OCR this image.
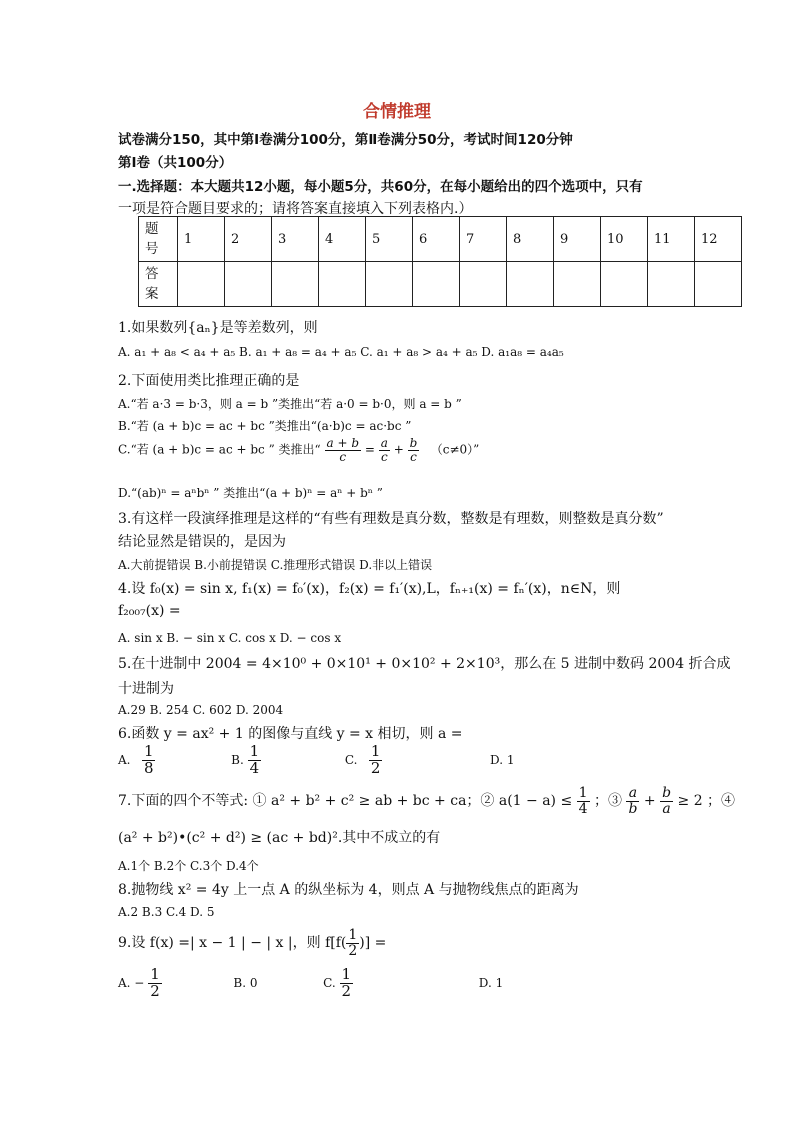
合情推理
试卷满分150，其中第Ⅰ卷满分100分，第Ⅱ卷满分50分，考试时间120分钟
第Ⅰ卷（共100分）
一.选择题：本大题共12小题，每小题5分，共60分，在每小题给出的四个选项中，只有
一项是符合题目要求的；请将答案直接填入下列表格内.）
题
号	1	2	3	4	5	6	7	8	9	10	11	12
答
案												
1.如果数列{aₙ}是等差数列，则
A. a₁ + a₈ < a₄ + a₅ B. a₁ + a₈ = a₄ + a₅ C. a₁ + a₈ > a₄ + a₅ D. a₁a₈ = a₄a₅
2.下面使用类比推理正确的是
A.“若 a·3 = b·3，则 a = b ”类推出“若 a·0 = b·0，则 a = b ”
B.“若 (a + b)c = ac + bc ”类推出“(a·b)c = ac·bc ”
C.“若 (a + b)c = ac + bc ” 类推出“ $\frac{a + b}{c} = \frac{a}{c} + \frac{b}{c} (c\ne 0)$”
D.“(ab)ⁿ = aⁿbⁿ ” 类推出“(a + b)ⁿ = aⁿ + bⁿ ”
3.有这样一段演绎推理是这样的“有些有理数是真分数，整数是有理数，则整数是真分数”
结论显然是错误的，是因为
A.大前提错误 B.小前提错误 C.推理形式错误 D.非以上错误
4.设 f₀(x) = sin x, f₁(x) = f₀′(x)，f₂(x) = f₁′(x),L，fₙ₊₁(x) = fₙ′(x)，n∈N，则
f₂₀₀₇(x) =
A. sin x B. − sin x C. cos x D. − cos x
5.在十进制中 2004 = 4×10⁰ + 0×10¹ + 0×10² + 2×10³，那么在 5 进制中数码 2004 折合成
十进制为
A.29 B. 254 C. 602 D. 2004
6.函数 y = ax² + 1 的图像与直线 y = x 相切，则 a =
A. $\frac{1}{8}$	B. $\frac{1}{4}$	C. $\frac{1}{2}$	D. 1
7.下面的四个不等式: ① a² + b² + c² ≥ ab + bc + ca；② $a(1 - a) \le \frac{1}{4}$ ；③ $\frac{a}{b} + \frac{b}{a} \ge 2$ ；④
(a² + b²)•(c² + d²) ≥ (ac + bd)².其中不成立的有
A.1个 B.2个 C.3个 D.4个
8.抛物线 x² = 4y 上一点 A 的纵坐标为 4，则点 A 与抛物线焦点的距离为
A.2 B.3 C.4 D. 5
9.设 f(x) =| x − 1 | − | x |，则 $f[f( \frac{1}{2}$ )] =
A. − $\frac{1}{2}$	B. 0	C. $\frac{1}{2}$	D. 1
